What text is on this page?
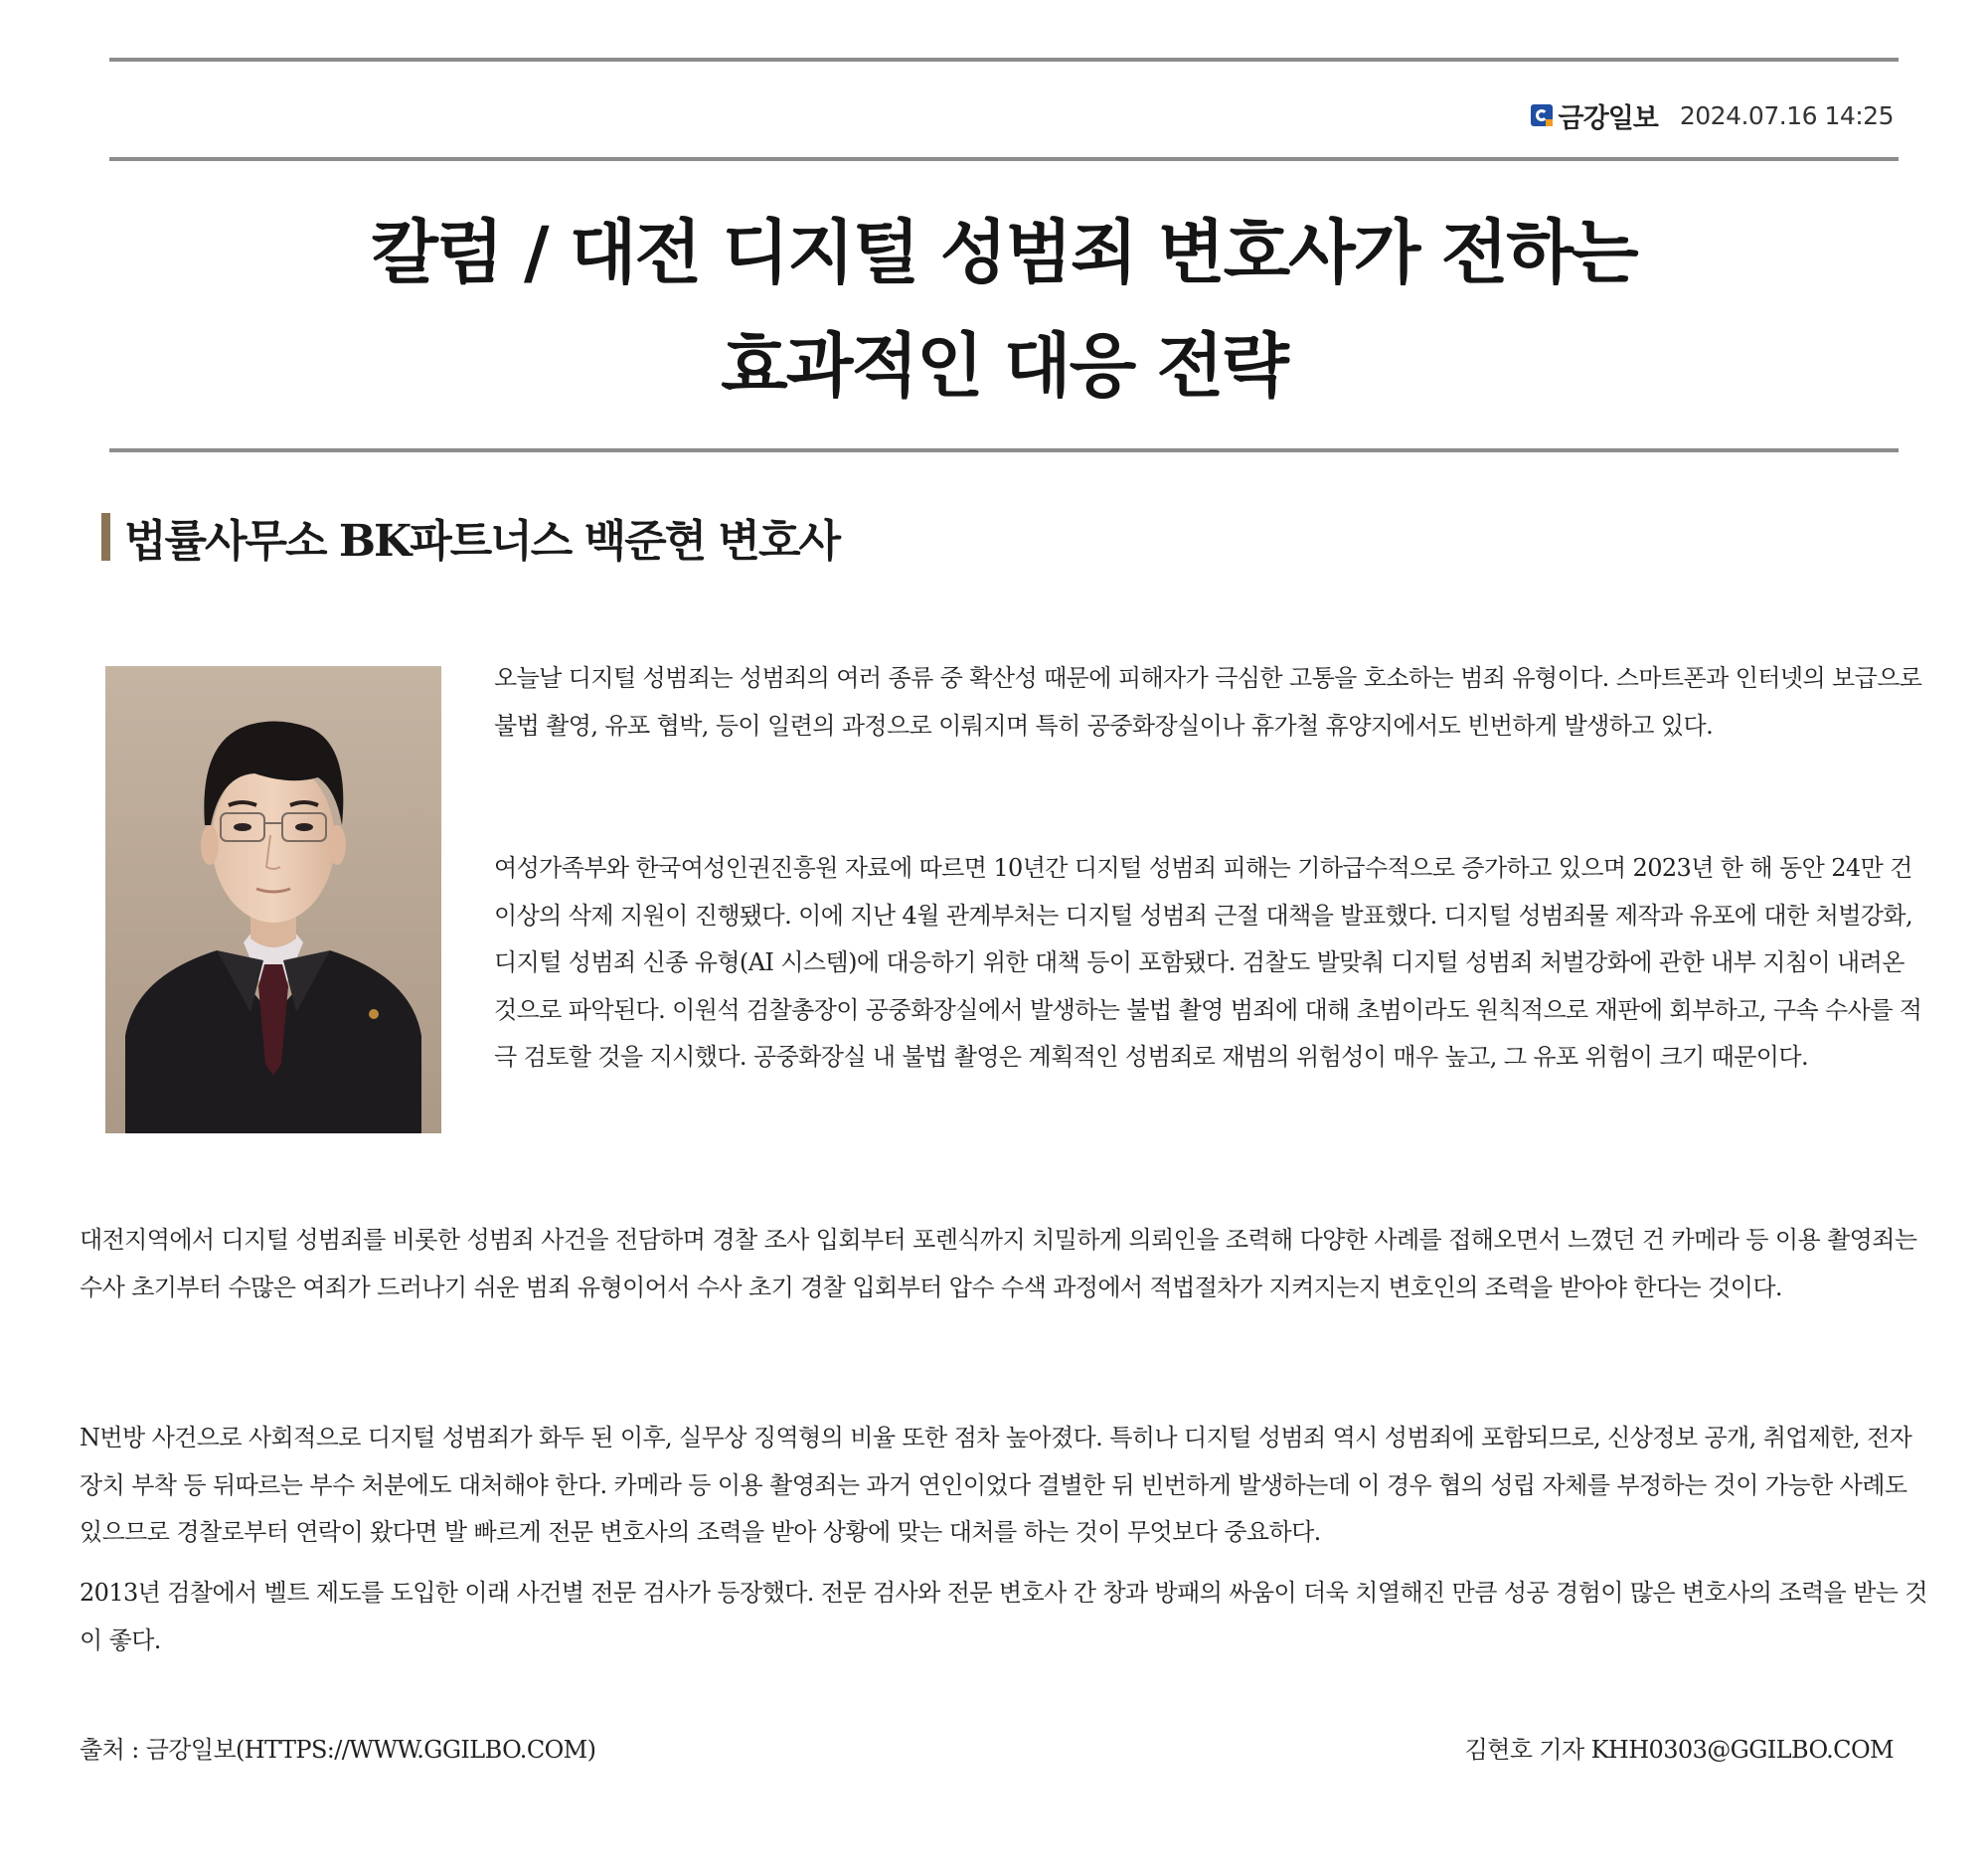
금강일보 2024.07.16 14:25
칼럼 / 대전 디지털 성범죄 변호사가 전하는
효과적인 대응 전략
법률사무소 BK파트너스 백준현 변호사

오늘날 디지털 성범죄는 성범죄의 여러 종류 중 확산성 때문에 피해자가 극심한 고통을 호소하는 범죄 유형이다. 스마트폰과 인터넷의 보급으로 불법 촬영, 유포 협박, 등이 일련의 과정으로 이뤄지며 특히 공중화장실이나 휴가철 휴양지에서도 빈번하게 발생하고 있다.

여성가족부와 한국여성인권진흥원 자료에 따르면 10년간 디지털 성범죄 피해는 기하급수적으로 증가하고 있으며 2023년 한 해 동안 24만 건 이상의 삭제 지원이 진행됐다. 이에 지난 4월 관계부처는 디지털 성범죄 근절 대책을 발표했다. 디지털 성범죄물 제작과 유포에 대한 처벌강화, 디지털 성범죄 신종 유형(AI 시스템)에 대응하기 위한 대책 등이 포함됐다. 검찰도 발맞춰 디지털 성범죄 처벌강화에 관한 내부 지침이 내려온 것으로 파악된다. 이원석 검찰총장이 공중화장실에서 발생하는 불법 촬영 범죄에 대해 초범이라도 원칙적으로 재판에 회부하고, 구속 수사를 적극 검토할 것을 지시했다. 공중화장실 내 불법 촬영은 계획적인 성범죄로 재범의 위험성이 매우 높고, 그 유포 위험이 크기 때문이다.

대전지역에서 디지털 성범죄를 비롯한 성범죄 사건을 전담하며 경찰 조사 입회부터 포렌식까지 치밀하게 의뢰인을 조력해 다양한 사례를 접해오면서 느꼈던 건 카메라 등 이용 촬영죄는 수사 초기부터 수많은 여죄가 드러나기 쉬운 범죄 유형이어서 수사 초기 경찰 입회부터 압수 수색 과정에서 적법절차가 지켜지는지 변호인의 조력을 받아야 한다는 것이다.

N번방 사건으로 사회적으로 디지털 성범죄가 화두 된 이후, 실무상 징역형의 비율 또한 점차 높아졌다. 특히나 디지털 성범죄 역시 성범죄에 포함되므로, 신상정보 공개, 취업제한, 전자장치 부착 등 뒤따르는 부수 처분에도 대처해야 한다. 카메라 등 이용 촬영죄는 과거 연인이었다 결별한 뒤 빈번하게 발생하는데 이 경우 협의 성립 자체를 부정하는 것이 가능한 사례도 있으므로 경찰로부터 연락이 왔다면 발 빠르게 전문 변호사의 조력을 받아 상황에 맞는 대처를 하는 것이 무엇보다 중요하다.

2013년 검찰에서 벨트 제도를 도입한 이래 사건별 전문 검사가 등장했다. 전문 검사와 전문 변호사 간 창과 방패의 싸움이 더욱 치열해진 만큼 성공 경험이 많은 변호사의 조력을 받는 것이 좋다.

출처 : 금강일보(HTTPS://WWW.GGILBO.COM)	김현호 기자 KHH0303@GGILBO.COM
